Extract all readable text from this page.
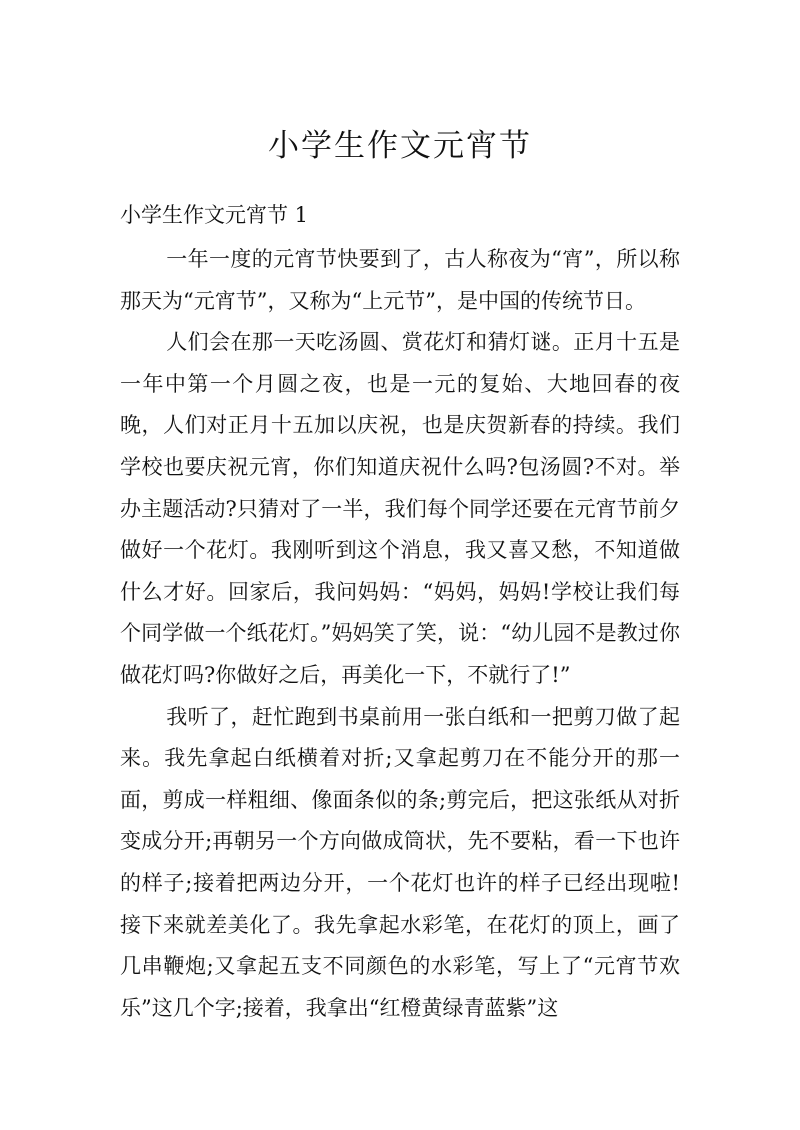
小学生作文元宵节
小学生作文元宵节 1

一年一度的元宵节快要到了，古人称夜为“宵”，所以称那天为“元宵节”，又称为“上元节”，是中国的传统节日。

人们会在那一天吃汤圆、赏花灯和猜灯谜。正月十五是一年中第一个月圆之夜，也是一元的复始、大地回春的夜晚，人们对正月十五加以庆祝，也是庆贺新春的持续。我们学校也要庆祝元宵，你们知道庆祝什么吗?包汤圆?不对。举办主题活动?只猜对了一半，我们每个同学还要在元宵节前夕做好一个花灯。我刚听到这个消息，我又喜又愁，不知道做什么才好。回家后，我问妈妈：“妈妈，妈妈!学校让我们每个同学做一个纸花灯。”妈妈笑了笑，说：“幼儿园不是教过你做花灯吗?你做好之后，再美化一下，不就行了!”

我听了，赶忙跑到书桌前用一张白纸和一把剪刀做了起来。我先拿起白纸横着对折;又拿起剪刀在不能分开的那一面，剪成一样粗细、像面条似的条;剪完后，把这张纸从对折变成分开;再朝另一个方向做成筒状，先不要粘，看一下也许的样子;接着把两边分开，一个花灯也许的样子已经出现啦!接下来就差美化了。我先拿起水彩笔，在花灯的顶上，画了几串鞭炮;又拿起五支不同颜色的水彩笔，写上了“元宵节欢乐”这几个字;接着，我拿出“红橙黄绿青蓝紫”这
